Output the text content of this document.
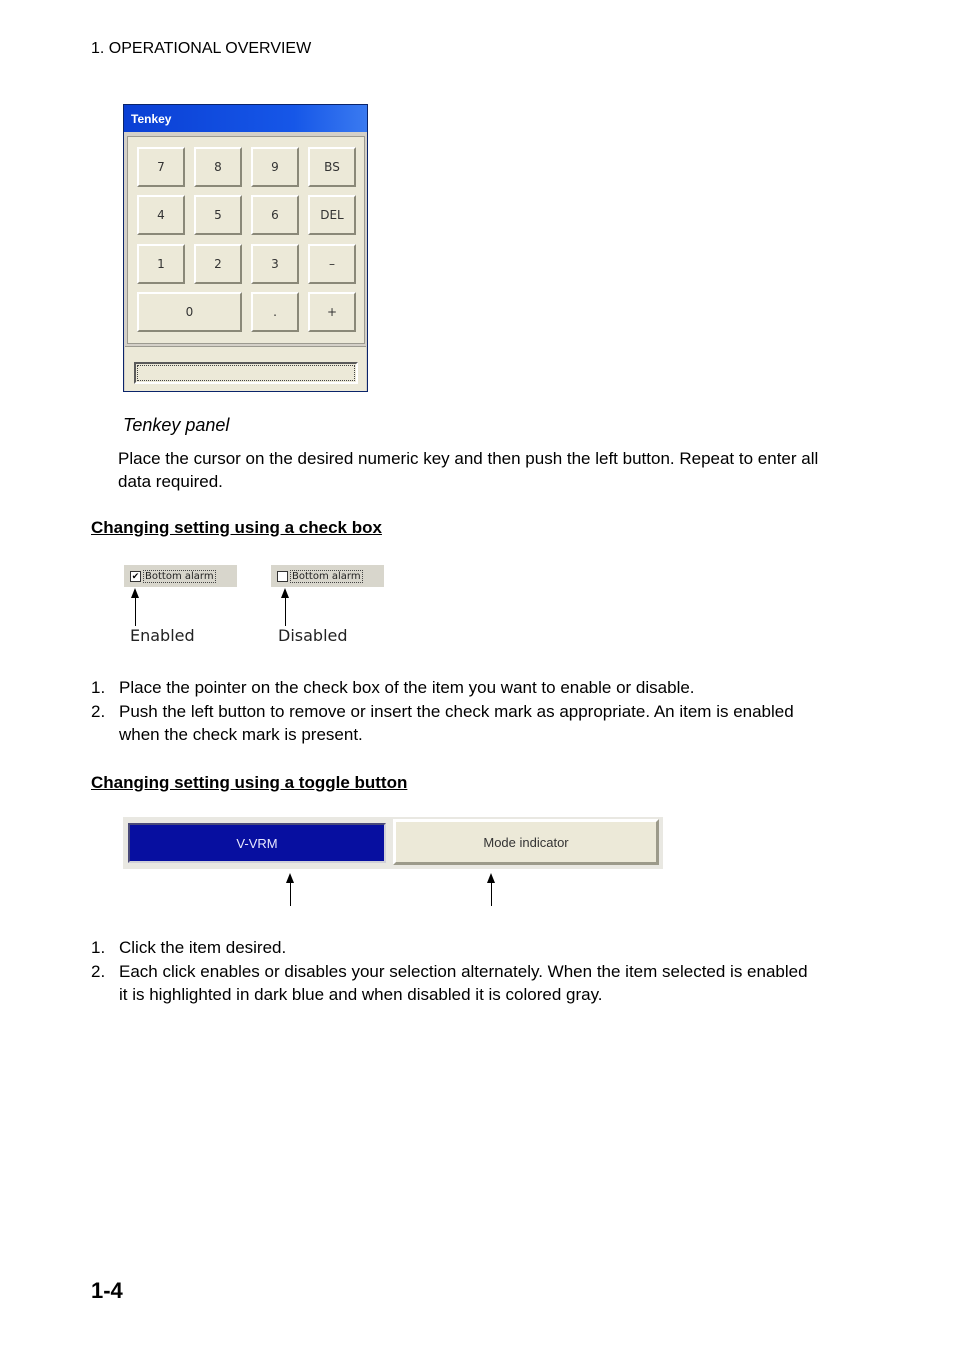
1. OPERATIONAL OVERVIEW
Tenkey
7	8	9	BS
4	5	6	DEL
1	2	3	–
0	.	+
Tenkey panel
Place the cursor on the desired numeric key and then push the left button. Repeat to enter all data required.
Changing setting using a check box
✔ Bottom alarm	Bottom alarm
Enabled	Disabled
1. Place the pointer on the check box of the item you want to enable or disable.
2. Push the left button to remove or insert the check mark as appropriate. An item is enabled when the check mark is present.
Changing setting using a toggle button
V-VRM	Mode indicator
1. Click the item desired.
2. Each click enables or disables your selection alternately. When the item selected is enabled it is highlighted in dark blue and when disabled it is colored gray.
1-4
